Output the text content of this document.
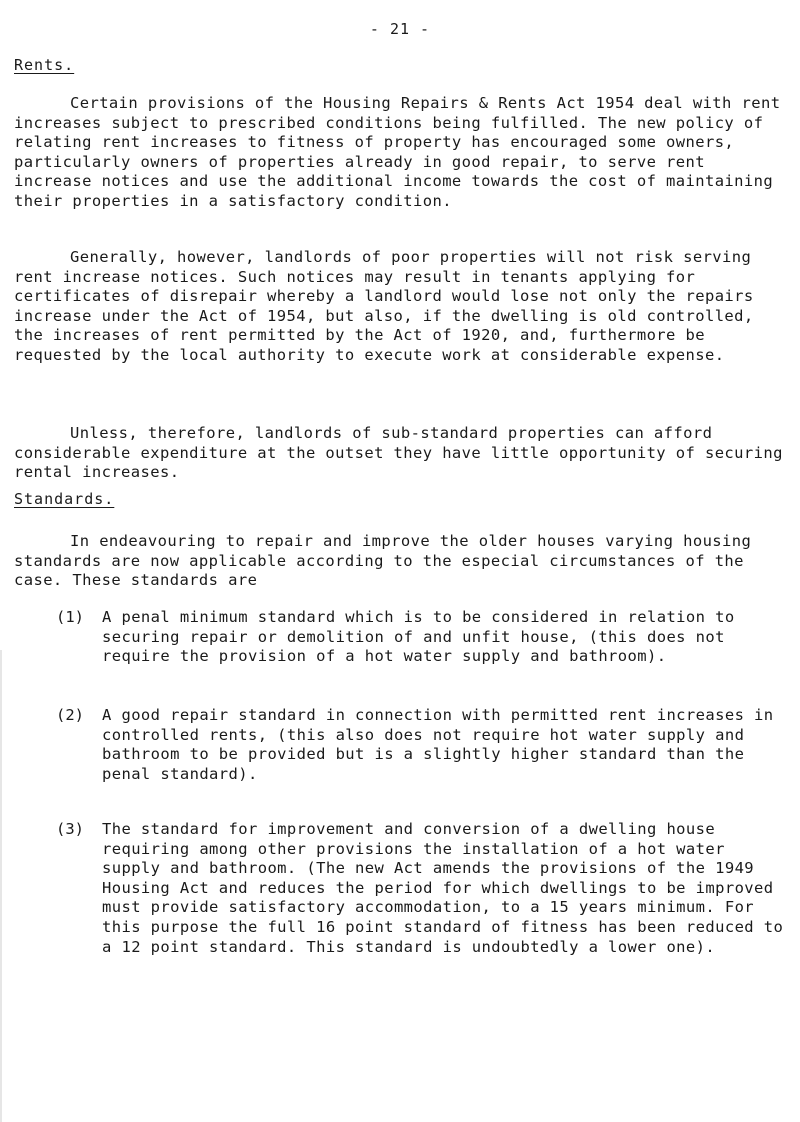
- 21 -
Rents.

Certain provisions of the Housing Repairs & Rents Act 1954 deal with rent increases subject to prescribed conditions being fulfilled. The new policy of relating rent increases to fitness of property has encouraged some owners, particularly owners of properties already in good repair, to serve rent increase notices and use the additional income towards the cost of maintaining their properties in a satisfactory condition.

Generally, however, landlords of poor properties will not risk serving rent increase notices. Such notices may result in tenants applying for certificates of disrepair whereby a landlord would lose not only the repairs increase under the Act of 1954, but also, if the dwelling is old controlled, the increases of rent permitted by the Act of 1920, and, furthermore be requested by the local authority to execute work at considerable expense.

Unless, therefore, landlords of sub-standard properties can afford considerable expenditure at the outset they have little opportunity of securing rental increases.

Standards.

In endeavouring to repair and improve the older houses varying housing standards are now applicable according to the especial circumstances of the case. These standards are

(1) A penal minimum standard which is to be considered in relation to securing repair or demolition of and unfit house, (this does not require the provision of a hot water supply and bathroom).
(2) A good repair standard in connection with permitted rent increases in controlled rents, (this also does not require hot water supply and bathroom to be provided but is a slightly higher standard than the penal standard).
(3) The standard for improvement and conversion of a dwelling house requiring among other provisions the installation of a hot water supply and bathroom. (The new Act amends the provisions of the 1949 Housing Act and reduces the period for which dwellings to be improved must provide satisfactory accommodation, to a 15 years minimum. For this purpose the full 16 point standard of fitness has been reduced to a 12 point standard. This standard is undoubtedly a lower one).
